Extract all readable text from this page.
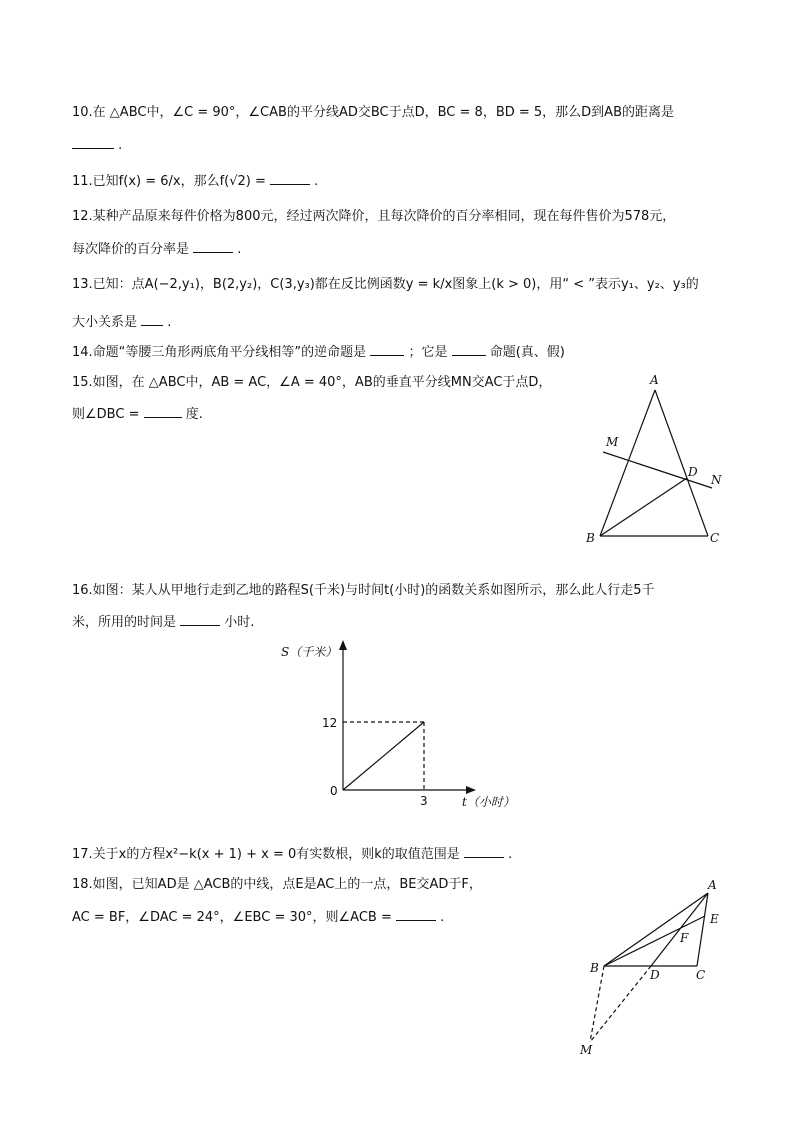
10.在 △ABC中，∠C = 90°，∠CAB的平分线AD交BC于点D，BC = 8，BD = 5，那么D到AB的距离是
.
11.已知f(x) = 6/x，那么f(√2) =	.
12.某种产品原来每件价格为800元，经过两次降价，且每次降价的百分率相同，现在每件售价为578元，
每次降价的百分率是	.
13.已知：点A(−2,y₁)，B(2,y₂)，C(3,y₃)都在反比例函数y = k/x图象上(k > 0)，用“ < ”表示y₁、y₂、y₃的
大小关系是 .
14.命题“等腰三角形两底角平分线相等”的逆命题是	；它是	命题(真、假)
15.如图，在 △ABC中，AB = AC，∠A = 40°，AB的垂直平分线MN交AC于点D，
则∠DBC =	度.
A
B	C
D
M
N
16.如图：某人从甲地行走到乙地的路程S(千米)与时间t(小时)的函数关系如图所示，那么此人行走5千
米，所用的时间是	小时.
S（千米）
t（小时）
12
3
0
17.关于x的方程x²−k(x + 1) + x = 0有实数根，则k的取值范围是	.
18.如图，已知AD是 △ACB的中线，点E是AC上的一点，BE交AD于F，
AC = BF，∠DAC = 24°，∠EBC = 30°，则∠ACB =	.
A
B	C
D
E
F
M
